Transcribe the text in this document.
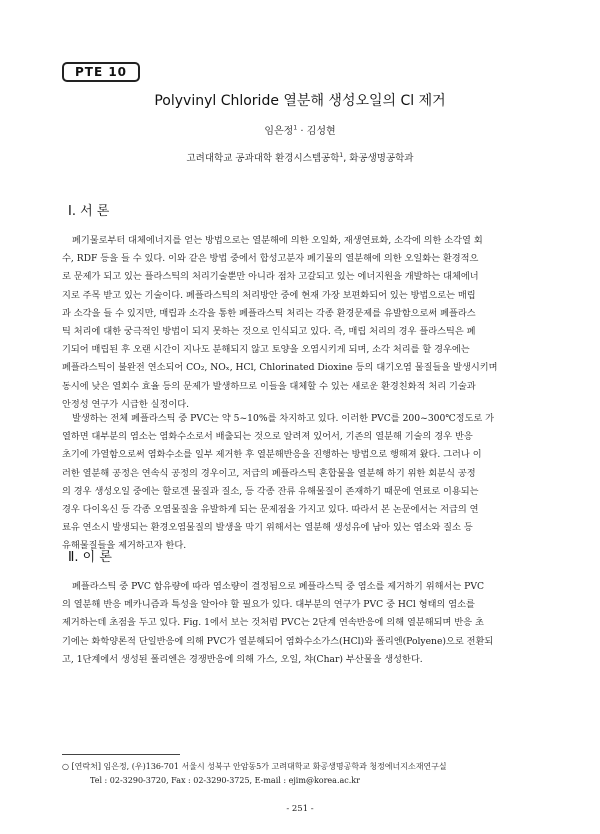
PTE 10
Polyvinyl Chloride 열분해 생성오일의 Cl 제거
임은정$^1$ · 김성현
고려대학교 공과대학 환경시스템공학$^1$, 화공생명공학과
Ⅰ. 서 론
폐기물로부터 대체에너지를 얻는 방법으로는 열분해에 의한 오일화, 재생연료화, 소각에 의한 소각열 회
수, RDF 등을 들 수 있다. 이와 같은 방법 중에서 합성고분자 폐기물의 열분해에 의한 오일화는 환경적으
로 문제가 되고 있는 플라스틱의 처리기술뿐만 아니라 점차 고갈되고 있는 에너지원을 개발하는 대체에너
지로 주목 받고 있는 기술이다. 폐플라스틱의 처리방안 중에 현재 가장 보편화되어 있는 방법으로는 매립
과 소각을 들 수 있지만, 매립과 소각을 통한 폐플라스틱 처리는 각종 환경문제를 유발함으로써 폐플라스
틱 처리에 대한 궁극적인 방법이 되지 못하는 것으로 인식되고 있다. 즉, 매립 처리의 경우 플라스틱은 폐
기되어 매립된 후 오랜 시간이 지나도 분해되지 않고 토양을 오염시키게 되며, 소각 처리를 할 경우에는
폐플라스틱이 불완전 연소되어 CO₂, NOₓ, HCl, Chlorinated Dioxine 등의 대기오염 물질들을 발생시키며
동시에 낮은 열회수 효율 등의 문제가 발생하므로 이들을 대체할 수 있는 새로운 환경친화적 처리 기술과
안정성 연구가 시급한 실정이다.
발생하는 전체 폐플라스틱 중 PVC는 약 5~10%를 차지하고 있다. 이러한 PVC를 200~300℃정도로 가
열하면 대부분의 염소는 염화수소로서 배출되는 것으로 알려져 있어서, 기존의 열분해 기술의 경우 반응
초기에 가열함으로써 염화수소를 일부 제거한 후 열분해반응을 진행하는 방법으로 행해져 왔다. 그러나 이
러한 열분해 공정은 연속식 공정의 경우이고, 저급의 폐플라스틱 혼합물을 열분해 하기 위한 회분식 공정
의 경우 생성오일 중에는 할로겐 물질과 질소, 등 각종 잔류 유해물질이 존재하기 때문에 연료로 이용되는
경우 다이옥신 등 각종 오염물질을 유발하게 되는 문제점을 가지고 있다. 따라서 본 논문에서는 저급의 연
료유 연소시 발생되는 환경오염물질의 발생을 막기 위해서는 열분해 생성유에 남아 있는 염소와 질소 등
유해물질들을 제거하고자 한다.
Ⅱ. 이 론
폐플라스틱 중 PVC 함유량에 따라 염소량이 결정됨으로 폐플라스틱 중 염소를 제거하기 위해서는 PVC
의 열분해 반응 메카니즘과 특성을 알아야 할 필요가 있다. 대부분의 연구가 PVC 중 HCl 형태의 염소를
제거하는데 초점을 두고 있다. Fig. 1에서 보는 것처럼 PVC는 2단계 연속반응에 의해 열분해되며 반응 초
기에는 화학양론적 단일반응에 의해 PVC가 열분해되어 염화수소가스(HCl)와 폴리엔(Polyene)으로 전환되
고, 1단계에서 생성된 폴리엔은 경쟁반응에 의해 가스, 오일, 챠(Char) 부산물을 생성한다.
○ [연락처] 임은정, (우)136-701 서울시 성북구 안암동5가 고려대학교 화공생명공학과 청정에너지소재연구실
Tel : 02-3290-3720, Fax : 02-3290-3725, E-mail : ejim@korea.ac.kr
- 251 -
